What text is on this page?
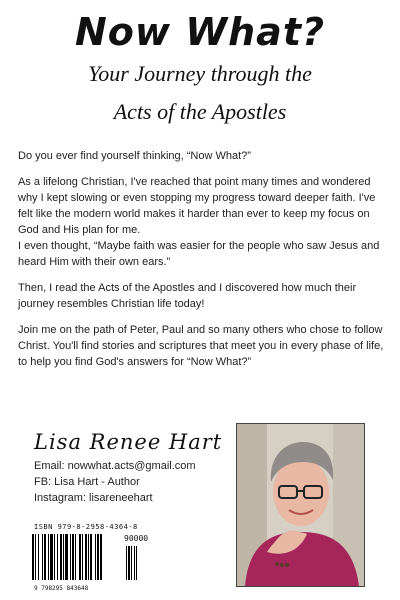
Now What?
Your Journey through the
Acts of the Apostles

Do you ever find yourself thinking, “Now What?”

As a lifelong Christian, I've reached that point many times and wondered why I kept slowing or even stopping my progress toward deeper faith. I've felt like the modern world makes it harder than ever to keep my focus on God and His plan for me.

I even thought, “Maybe faith was easier for the people who saw Jesus and heard Him with their own ears.”

Then, I read the Acts of the Apostles and I discovered how much their journey resembles Christian life today!

Join me on the path of Peter, Paul and so many others who chose to follow Christ. You'll find stories and scriptures that meet you in every phase of life, to help you find God's answers for “Now What?”

Lisa Renee Hart
Email: nowwhat.acts@gmail.com
FB: Lisa Hart - Author
Instagram: lisareneehart
ISBN 979-8-2958-4364-8
90000
9 798295 843648
